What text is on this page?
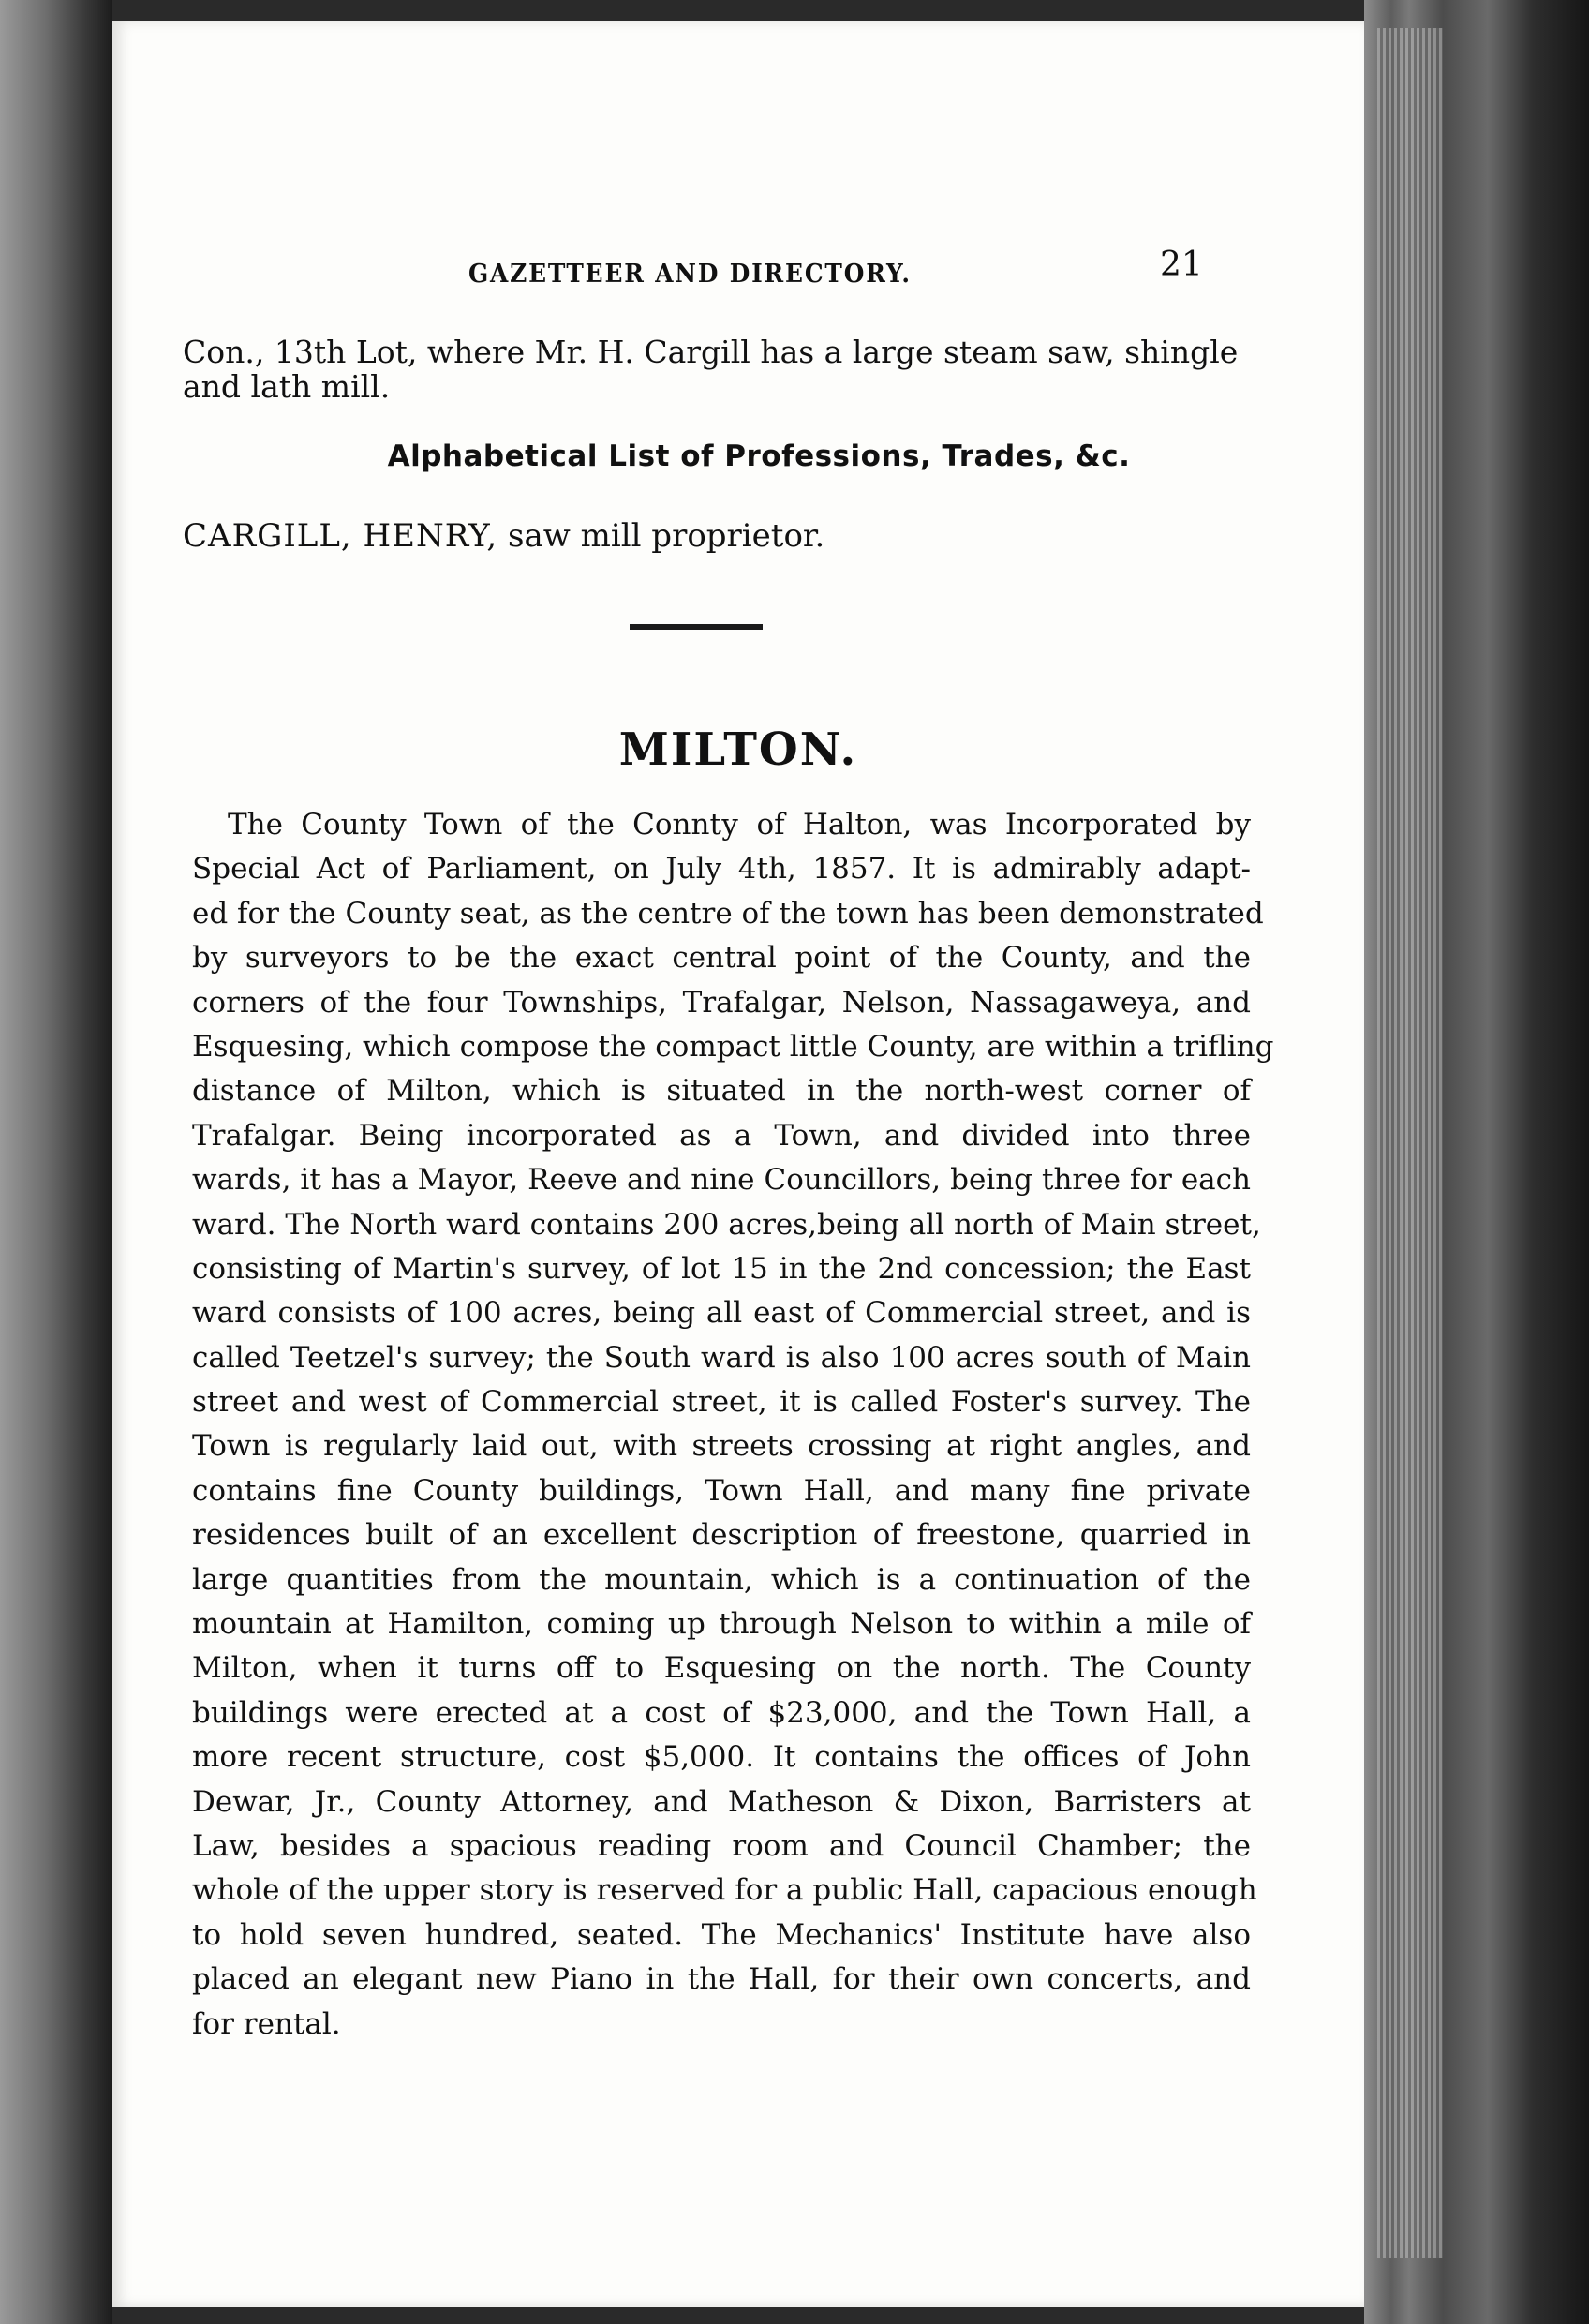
GAZETTEER AND DIRECTORY.	21
Con., 13th Lot, where Mr. H. Cargill has a large steam saw, shingle
and lath mill.
Alphabetical List of Professions, Trades, &c.
CARGILL, HENRY, saw mill proprietor.
MILTON.
The County Town of the Conntу of Halton, was Incorporated by
Special Act of Parliament, on July 4th, 1857. It is admirably adapt-
ed for the County seat, as the centre of the town has been demonstrated
by surveyors to be the exact central point of the County, and the
corners of the four Townships, Trafalgar, Nelson, Nassagaweya, and
Esquesing, which compose the compact little County, are within a trifling
distance of Milton, which is situated in the north-west corner of
Trafalgar. Being incorporated as a Town, and divided into three
wards, it has a Mayor, Reeve and nine Councillors, being three for each
ward. The North ward contains 200 acres,being all north of Main street,
consisting of Martin's survey, of lot 15 in the 2nd concession; the East
ward consists of 100 acres, being all east of Commercial street, and is
called Teetzel's survey; the South ward is also 100 acres south of Main
street and west of Commercial street, it is called Foster's survey. The
Town is regularly laid out, with streets crossing at right angles, and
contains fine County buildings, Town Hall, and many fine private
residences built of an excellent description of freestone, quarried in
large quantities from the mountain, which is a continuation of the
mountain at Hamilton, coming up through Nelson to within a mile of
Milton, when it turns off to Esquesing on the north. The County
buildings were erected at a cost of $23,000, and the Town Hall, a
more recent structure, cost $5,000. It contains the offices of John
Dewar, Jr., County Attorney, and Matheson & Dixon, Barristers at
Law, besides a spacious reading room and Council Chamber; the
whole of the upper story is reserved for a public Hall, capacious enough
to hold seven hundred, seated. The Mechanics' Institute have also
placed an elegant new Piano in the Hall, for their own concerts, and
for rental.
